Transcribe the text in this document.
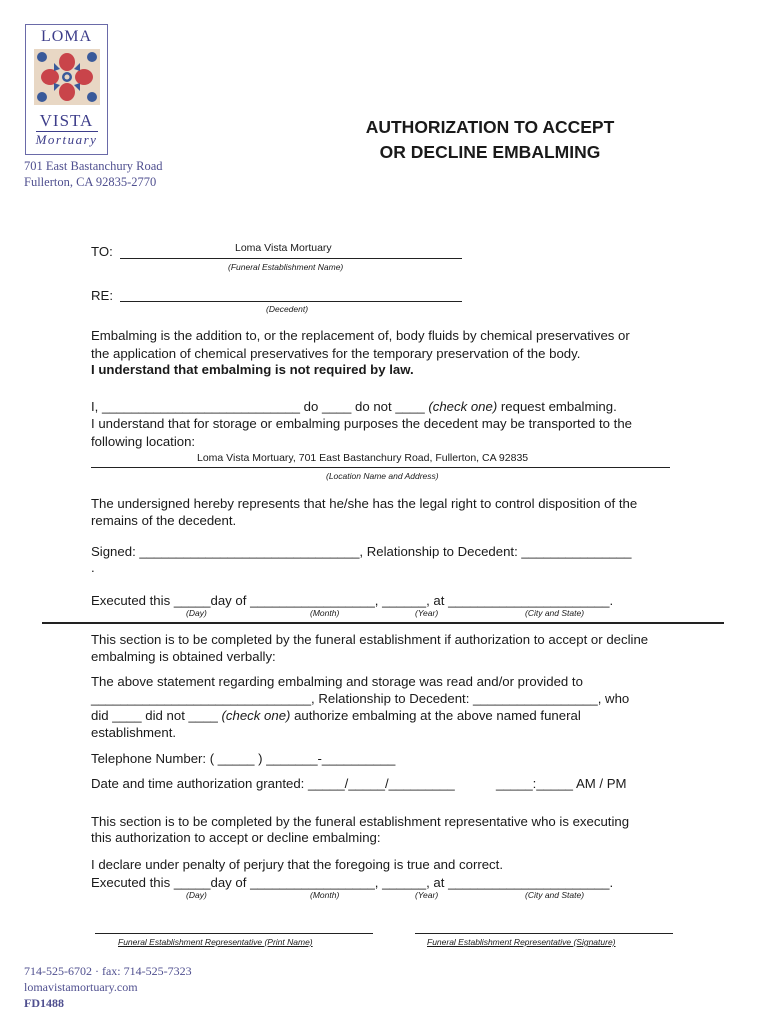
LOMA
VISTA
Mortuary
701 East Bastanchury Road
Fullerton, CA 92835-2770
AUTHORIZATION TO ACCEPT
OR DECLINE EMBALMING
TO:	Loma Vista Mortuary
(Funeral Establishment Name)
RE:
(Decedent)
Embalming is the addition to, or the replacement of, body fluids by chemical preservatives or
the application of chemical preservatives for the temporary preservation of the body.
I understand that embalming is not required by law.
I, ___________________________ do ____ do not ____ (check one) request embalming.
I understand that for storage or embalming purposes the decedent may be transported to the
following location:
Loma Vista Mortuary, 701 East Bastanchury Road, Fullerton, CA 92835
(Location Name and Address)
The undersigned hereby represents that he/she has the legal right to control disposition of the
remains of the decedent.
Signed: ______________________________, Relationship to Decedent: _______________
.
Executed this _____day of _________________, ______, at ______________________.
(Day)	(Month)	(Year)	(City and State)
This section is to be completed by the funeral establishment if authorization to accept or decline
embalming is obtained verbally:
The above statement regarding embalming and storage was read and/or provided to
______________________________, Relationship to Decedent: _________________, who
did ____ did not ____ (check one) authorize embalming at the above named funeral
establishment.
Telephone Number: ( _____ ) _______-__________
Date and time authorization granted: _____/_____/_________	_____:_____ AM / PM
This section is to be completed by the funeral establishment representative who is executing
this authorization to accept or decline embalming:
I declare under penalty of perjury that the foregoing is true and correct.
Executed this _____day of _________________, ______, at ______________________.
(Day)	(Month)	(Year)	(City and State)
Funeral Establishment Representative (Print Name)	Funeral Establishment Representative (Signature)
714-525-6702 · fax: 714-525-7323
lomavistamortuary.com
FD1488
